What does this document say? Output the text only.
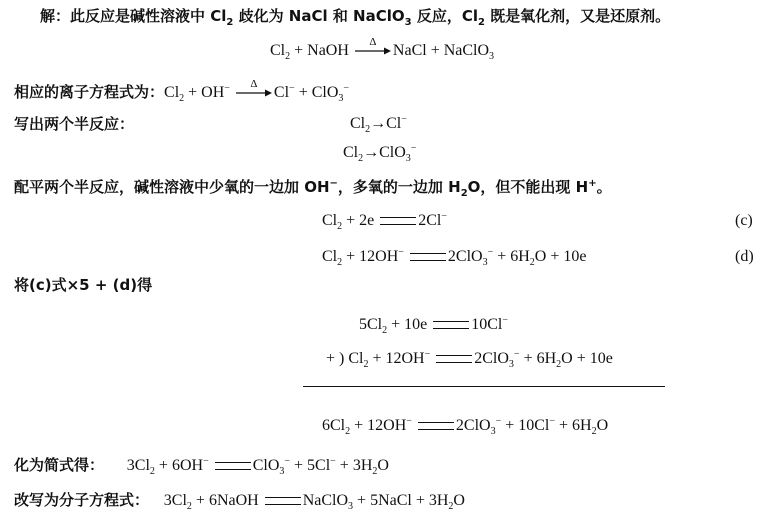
解：此反应是碱性溶液中 $Cl_2$ 歧化为 NaCl 和 NaClO$_3$ 反应，$Cl_2$ 既是氧化剂，又是还原剂。
$Cl_2$ + NaOH	Δ	NaCl + NaClO$_3$
相应的离子方程式为：$Cl_2 + OH^-$	Δ	Cl− + ClO$_3$−
写出两个半反应：	$Cl_2\to Cl^-$
$Cl_2\to ClO_3^-$
配平两个半反应，碱性溶液中少氧的一边加 OH−，多氧的一边加 $H_2O$，但不能出现 H+。
$Cl_2 + 2e$	2Cl−	(c)
$Cl_2 + 12OH^-$	$2ClO_3^- + 6H_2O + 10e$	(d)
将(c)式×5 + (d)得
$5Cl_2 + 10e$	10Cl−
+ ) $Cl_2 + 12OH^-$	$2ClO_3^- + 6H_2O + 10e$
$6Cl_2 + 12OH^-$	$2ClO_3^- + 10Cl^- + 6H_2O$
化为简式得： $3Cl_2 + 6OH^-$	$ClO_3^- + 5Cl^- + 3H_2O$
改写为分子方程式： $3Cl_2$ + 6NaOH	NaClO$_3$ + 5NaCl + $3H_2O$
